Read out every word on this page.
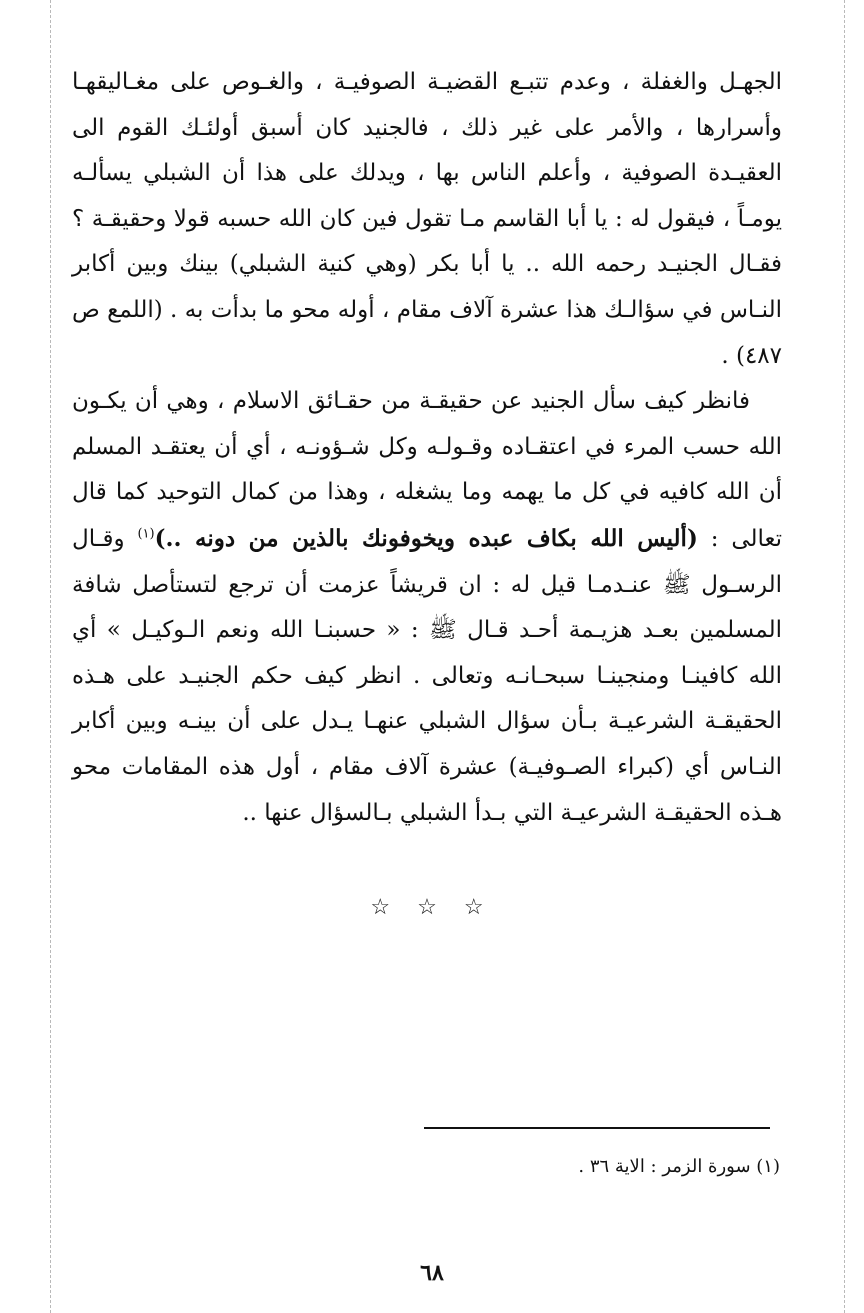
الجهـل والغفلة ، وعدم تتبـع القضيـة الصوفيـة ، والغـوص على مغـاليقهـا وأسرارها ، والأمر على غير ذلك ، فالجنيد كان أسبق أولئـك القوم الى العقيـدة الصوفية ، وأعلم الناس بها ، ويدلك على هذا أن الشبلي يسألـه يومـاً ، فيقول له : يا أبا القاسم مـا تقول فين كان الله حسبه قولا وحقيقـة ؟ فقـال الجنيـد رحمه الله .. يا أبا بكر (وهي كنية الشبلي) بينك وبين أكابر النـاس في سؤالـك هذا عشرة آلاف مقام ، أوله محو ما بدأت به . (اللمع ص ٤٨٧) .

فانظر كيف سأل الجنيد عن حقيقـة من حقـائق الاسلام ، وهي أن يكـون الله حسب المرء في اعتقـاده وقـولـه وكل شـؤونـه ، أي أن يعتقـد المسلم أن الله كافيه في كل ما يهمه وما يشغله ، وهذا من كمال التوحيد كما قال تعالى : (أليس الله بكاف عبده ويخوفونك بالذين من دونه ..)$^{(١)}$ وقـال الرسـول ﷺ عنـدمـا قيل له : ان قريشاً عزمت أن ترجع لتستأصل شافة المسلمين بعـد هزيـمة أحـد قـال ﷺ : « حسبنـا الله ونعم الـوكيـل » أي الله كافينـا ومنجينـا سبحـانـه وتعالى . انظر كيف حكم الجنيـد على هـذه الحقيقـة الشرعيـة بـأن سؤال الشبلي عنهـا يـدل على أن بينـه وبين أكابر النـاس أي (كبراء الصـوفيـة) عشرة آلاف مقام ، أول هذه المقامات محو هـذه الحقيقـة الشرعيـة التي بـدأ الشبلي بـالسؤال عنها ..

☆ ☆ ☆
(١) سورة الزمر : الاية ٣٦ .
٦٨
